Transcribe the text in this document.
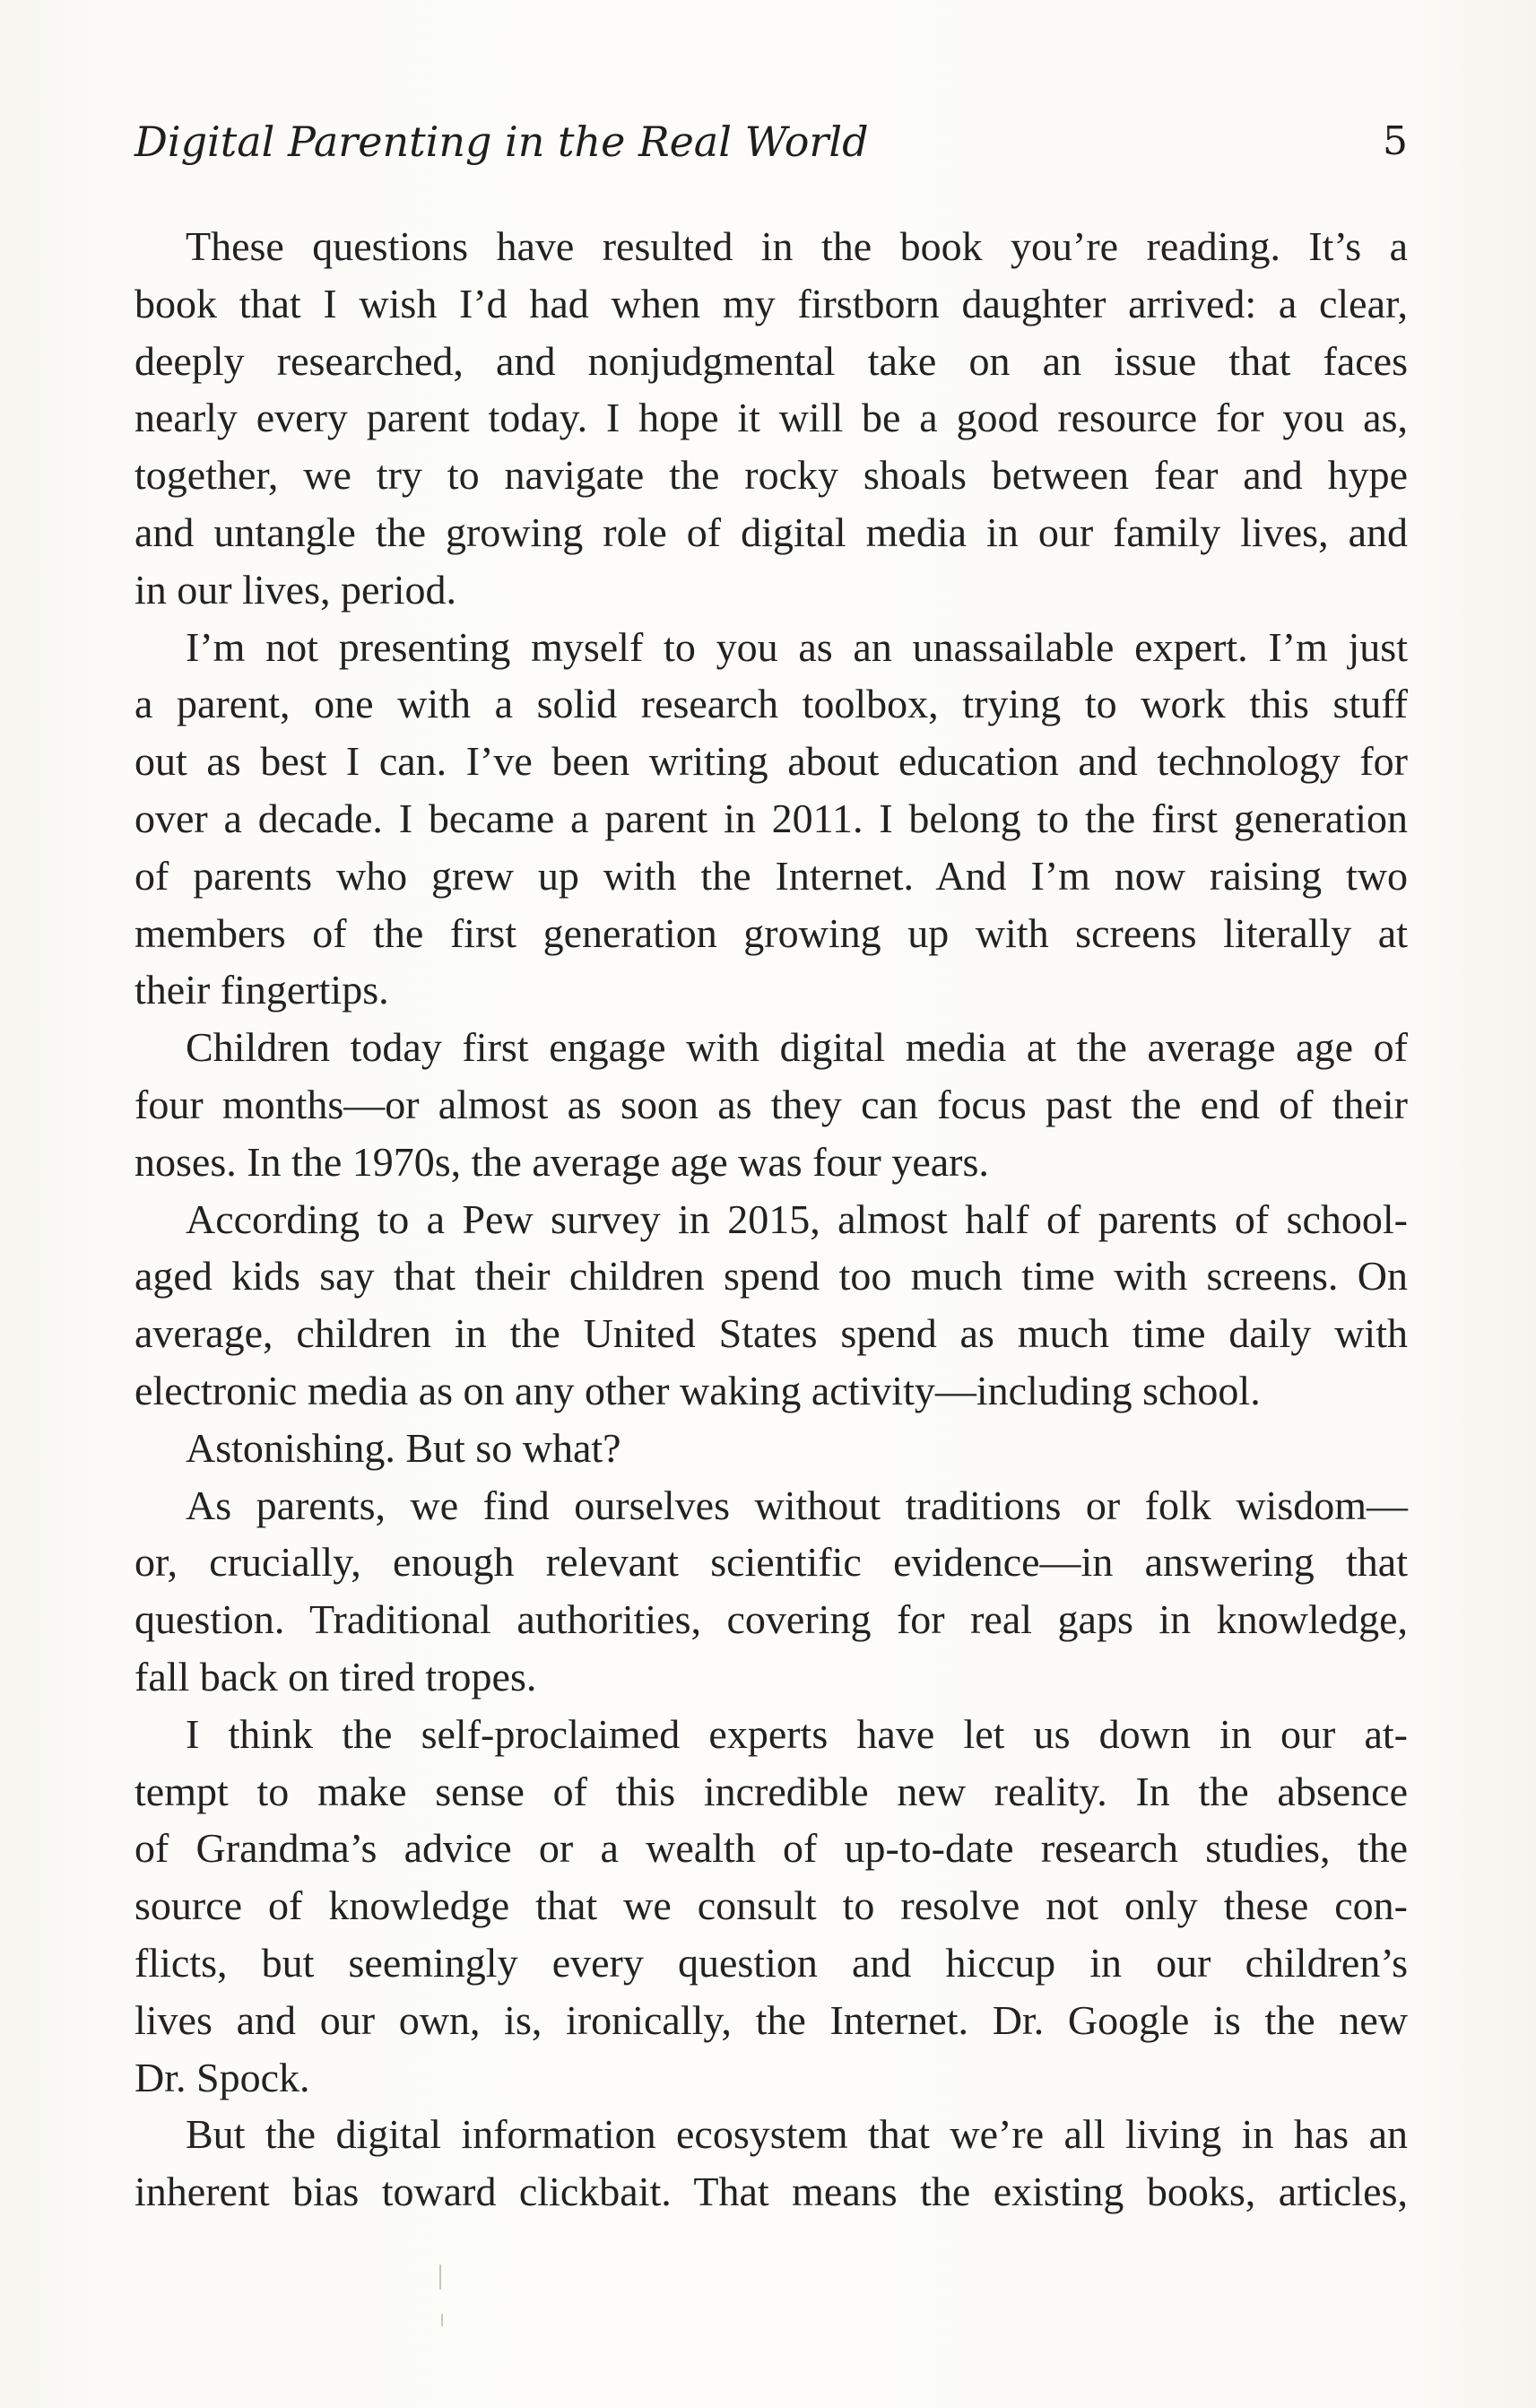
Digital Parenting in the Real World	5
These questions have resulted in the book you’re reading. It’s a
book that I wish I’d had when my firstborn daughter arrived: a clear,
deeply researched, and nonjudgmental take on an issue that faces
nearly every parent today. I hope it will be a good resource for you as,
together, we try to navigate the rocky shoals between fear and hype
and untangle the growing role of digital media in our family lives, and
in our lives, period.
I’m not presenting myself to you as an unassailable expert. I’m just
a parent, one with a solid research toolbox, trying to work this stuff
out as best I can. I’ve been writing about education and technology for
over a decade. I became a parent in 2011. I belong to the first generation
of parents who grew up with the Internet. And I’m now raising two
members of the first generation growing up with screens literally at
their fingertips.
Children today first engage with digital media at the average age of
four months—or almost as soon as they can focus past the end of their
noses. In the 1970s, the average age was four years.
According to a Pew survey in 2015, almost half of parents of school-
aged kids say that their children spend too much time with screens. On
average, children in the United States spend as much time daily with
electronic media as on any other waking activity—including school.
Astonishing. But so what?
As parents, we find ourselves without traditions or folk wisdom—
or, crucially, enough relevant scientific evidence—in answering that
question. Traditional authorities, covering for real gaps in knowledge,
fall back on tired tropes.
I think the self-proclaimed experts have let us down in our at-
tempt to make sense of this incredible new reality. In the absence
of Grandma’s advice or a wealth of up-to-date research studies, the
source of knowledge that we consult to resolve not only these con-
flicts, but seemingly every question and hiccup in our children’s
lives and our own, is, ironically, the Internet. Dr. Google is the new
Dr. Spock.
But the digital information ecosystem that we’re all living in has an
inherent bias toward clickbait. That means the existing books, articles,
